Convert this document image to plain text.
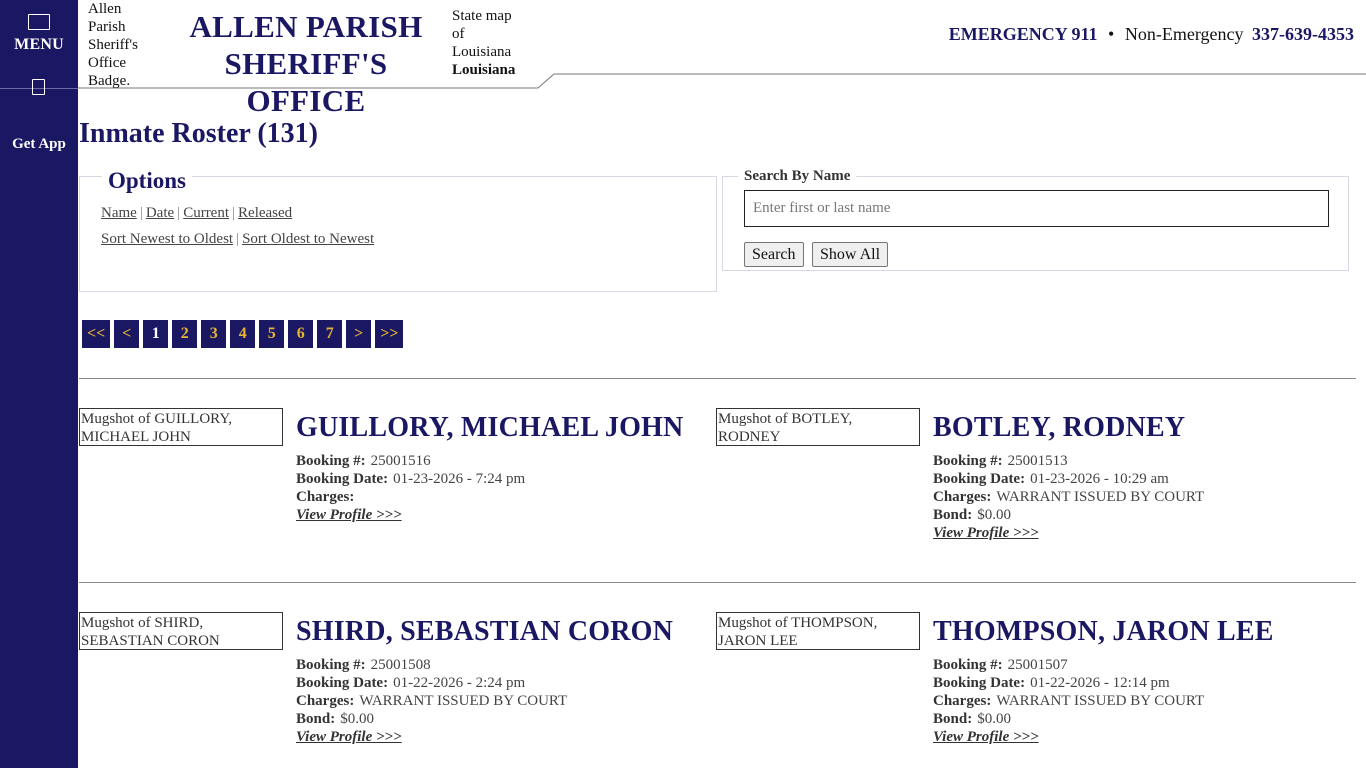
MENU
Get App
Allen Parish Sheriff's Office Badge.
ALLEN PARISH SHERIFF'S OFFICE
State map of Louisiana
Louisiana
EMERGENCY 911 • Non-Emergency 337-639-4353
Inmate Roster (131)
Options
Name | Date | Current | Released
Sort Newest to Oldest | Sort Oldest to Newest
Search By Name
Enter first or last name
Search	Show All
<<	<	1	2	3	4	5	6	7	>	>>
Mugshot of GUILLORY, MICHAEL JOHN	GUILLORY, MICHAEL JOHN
Booking #: 25001516
Booking Date: 01-23-2026 - 7:24 pm
Charges:
View Profile >>>
Mugshot of BOTLEY, RODNEY	BOTLEY, RODNEY
Booking #: 25001513
Booking Date: 01-23-2026 - 10:29 am
Charges: WARRANT ISSUED BY COURT
Bond: $0.00
View Profile >>>
Mugshot of SHIRD, SEBASTIAN CORON	SHIRD, SEBASTIAN CORON
Booking #: 25001508
Booking Date: 01-22-2026 - 2:24 pm
Charges: WARRANT ISSUED BY COURT
Bond: $0.00
View Profile >>>
Mugshot of THOMPSON, JARON LEE	THOMPSON, JARON LEE
Booking #: 25001507
Booking Date: 01-22-2026 - 12:14 pm
Charges: WARRANT ISSUED BY COURT
Bond: $0.00
View Profile >>>
